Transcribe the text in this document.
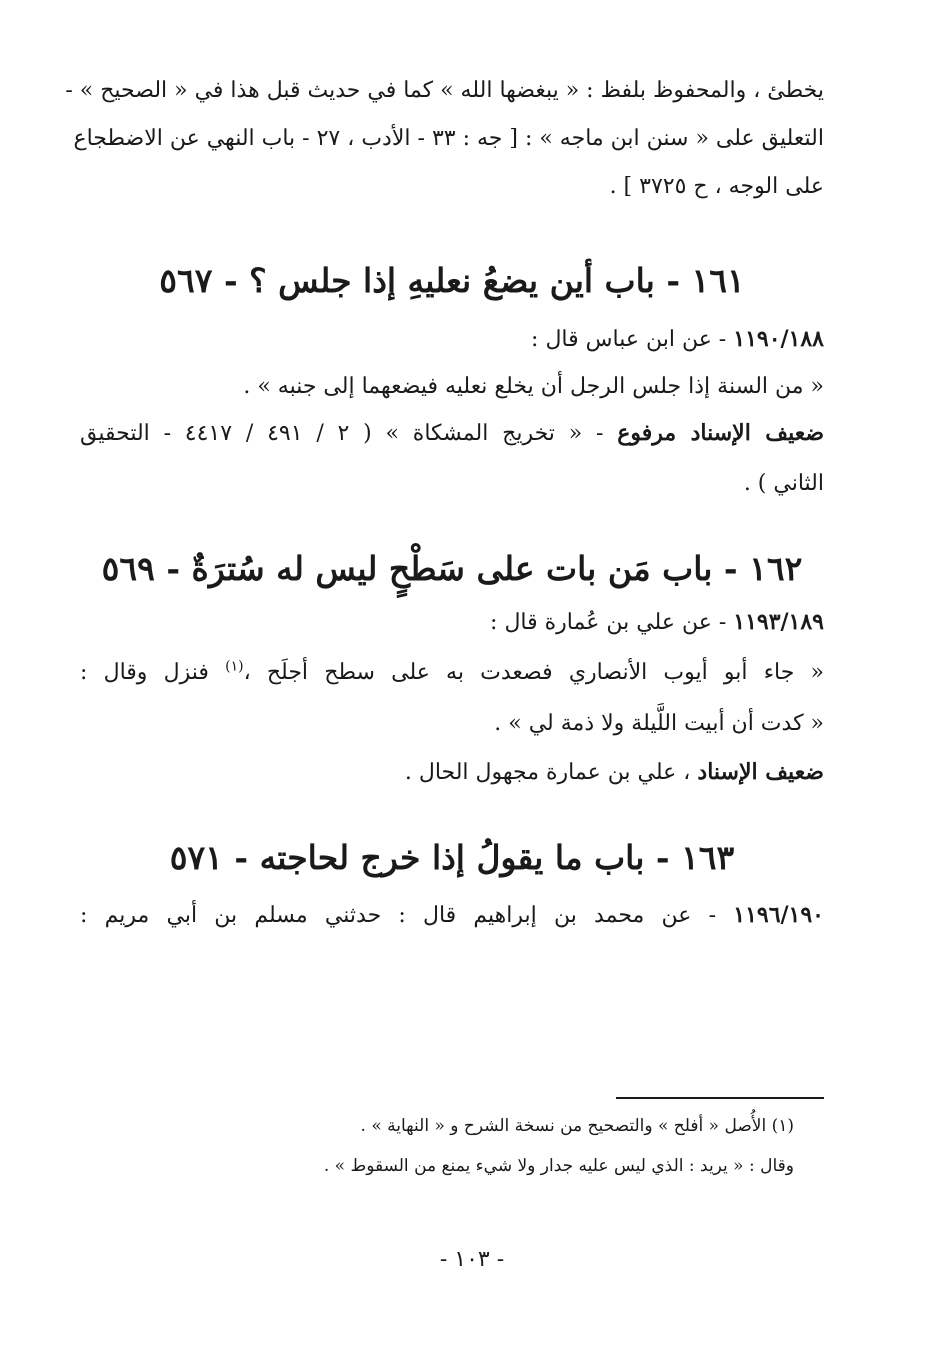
يخطئ ، والمحفوظ بلفظ : « يبغضها الله » كما في حديث قبل هذا في « الصحيح » -
التعليق على « سنن ابن ماجه » : [ جه : ٣٣ - الأدب ، ٢٧ - باب النهي عن الاضطجاع
على الوجه ، ح ٣٧٢٥ ] .
١٦١ - باب أين يضعُ نعليهِ إذا جلس ؟ - ٥٦٧
١١٩٠/١٨٨ - عن ابن عباس قال :
« من السنة إذا جلس الرجل أن يخلع نعليه فيضعهما إلى جنبه » .
ضعيف الإسناد مرفوع - « تخريج المشكاة » ( ٢ / ٤٩١ / ٤٤١٧ - التحقيق
الثاني ) .
١٦٢ - باب مَن بات على سَطْحٍ ليس له سُترَةٌ - ٥٦٩
١١٩٣/١٨٩ - عن علي بن عُمارة قال :
« جاء أبو أيوب الأنصاري فصعدت به على سطح أجلَح ،$^{(١)}$ فنزل وقال :
« كدت أن أبيت اللَّيلة ولا ذمة لي » .
ضعيف الإسناد ، علي بن عمارة مجهول الحال .
١٦٣ - باب ما يقولُ إذا خرج لحاجته - ٥٧١
١١٩٦/١٩٠ - عن محمد بن إبراهيم قال : حدثني مسلم بن أبي مريم :
(١) الأُصل « أفلح » والتصحيح من نسخة الشرح و « النهاية » .
وقال : « يريد : الذي ليس عليه جدار ولا شيء يمنع من السقوط » .
- ١٠٣ -
